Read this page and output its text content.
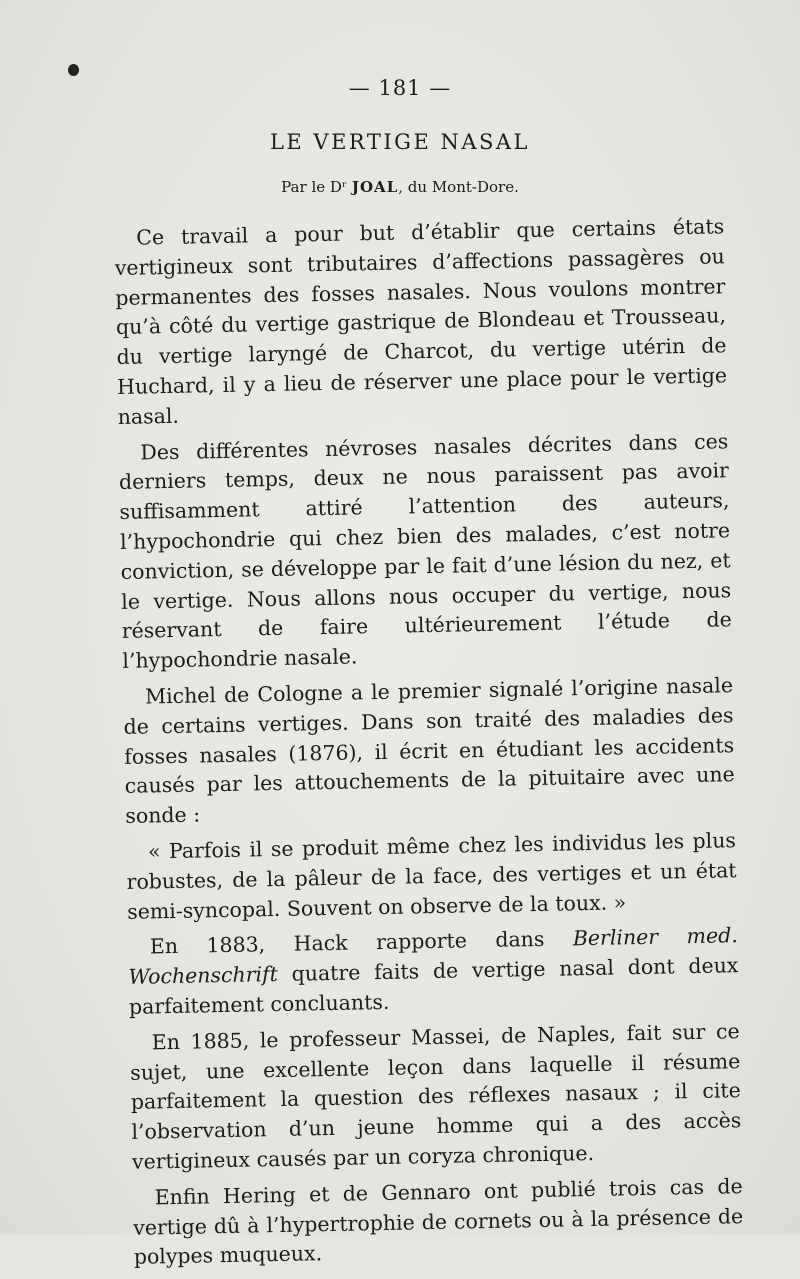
— 181 —
LE VERTIGE NASAL
Par le Dʳ JOAL, du Mont-Dore.

Ce travail a pour but d’établir que certains états vertigineux sont tributaires d’affections passagères ou permanentes des fosses nasales. Nous voulons montrer qu’à côté du vertige gastrique de Blondeau et Trousseau, du vertige laryngé de Charcot, du vertige utérin de Huchard, il y a lieu de réserver une place pour le vertige nasal.

Des différentes névroses nasales décrites dans ces derniers temps, deux ne nous paraissent pas avoir suffisamment attiré l’attention des auteurs, l’hypochondrie qui chez bien des malades, c’est notre conviction, se développe par le fait d’une lésion du nez, et le vertige. Nous allons nous occuper du vertige, nous réservant de faire ultérieurement l’étude de l’hypochondrie nasale.

Michel de Cologne a le premier signalé l’origine nasale de certains vertiges. Dans son traité des maladies des fosses nasales (1876), il écrit en étudiant les accidents causés par les attouchements de la pituitaire avec une sonde :

« Parfois il se produit même chez les individus les plus robustes, de la pâleur de la face, des vertiges et un état semi-syncopal. Souvent on observe de la toux. »

En 1883, Hack rapporte dans Berliner med. Wochenschrift quatre faits de vertige nasal dont deux parfaitement concluants.

En 1885, le professeur Massei, de Naples, fait sur ce sujet, une excellente leçon dans laquelle il résume parfaitement la question des réflexes nasaux ; il cite l’observation d’un jeune homme qui a des accès vertigineux causés par un coryza chronique.

Enfin Hering et de Gennaro ont publié trois cas de vertige dû à l’hypertrophie de cornets ou à la présence de polypes muqueux.
